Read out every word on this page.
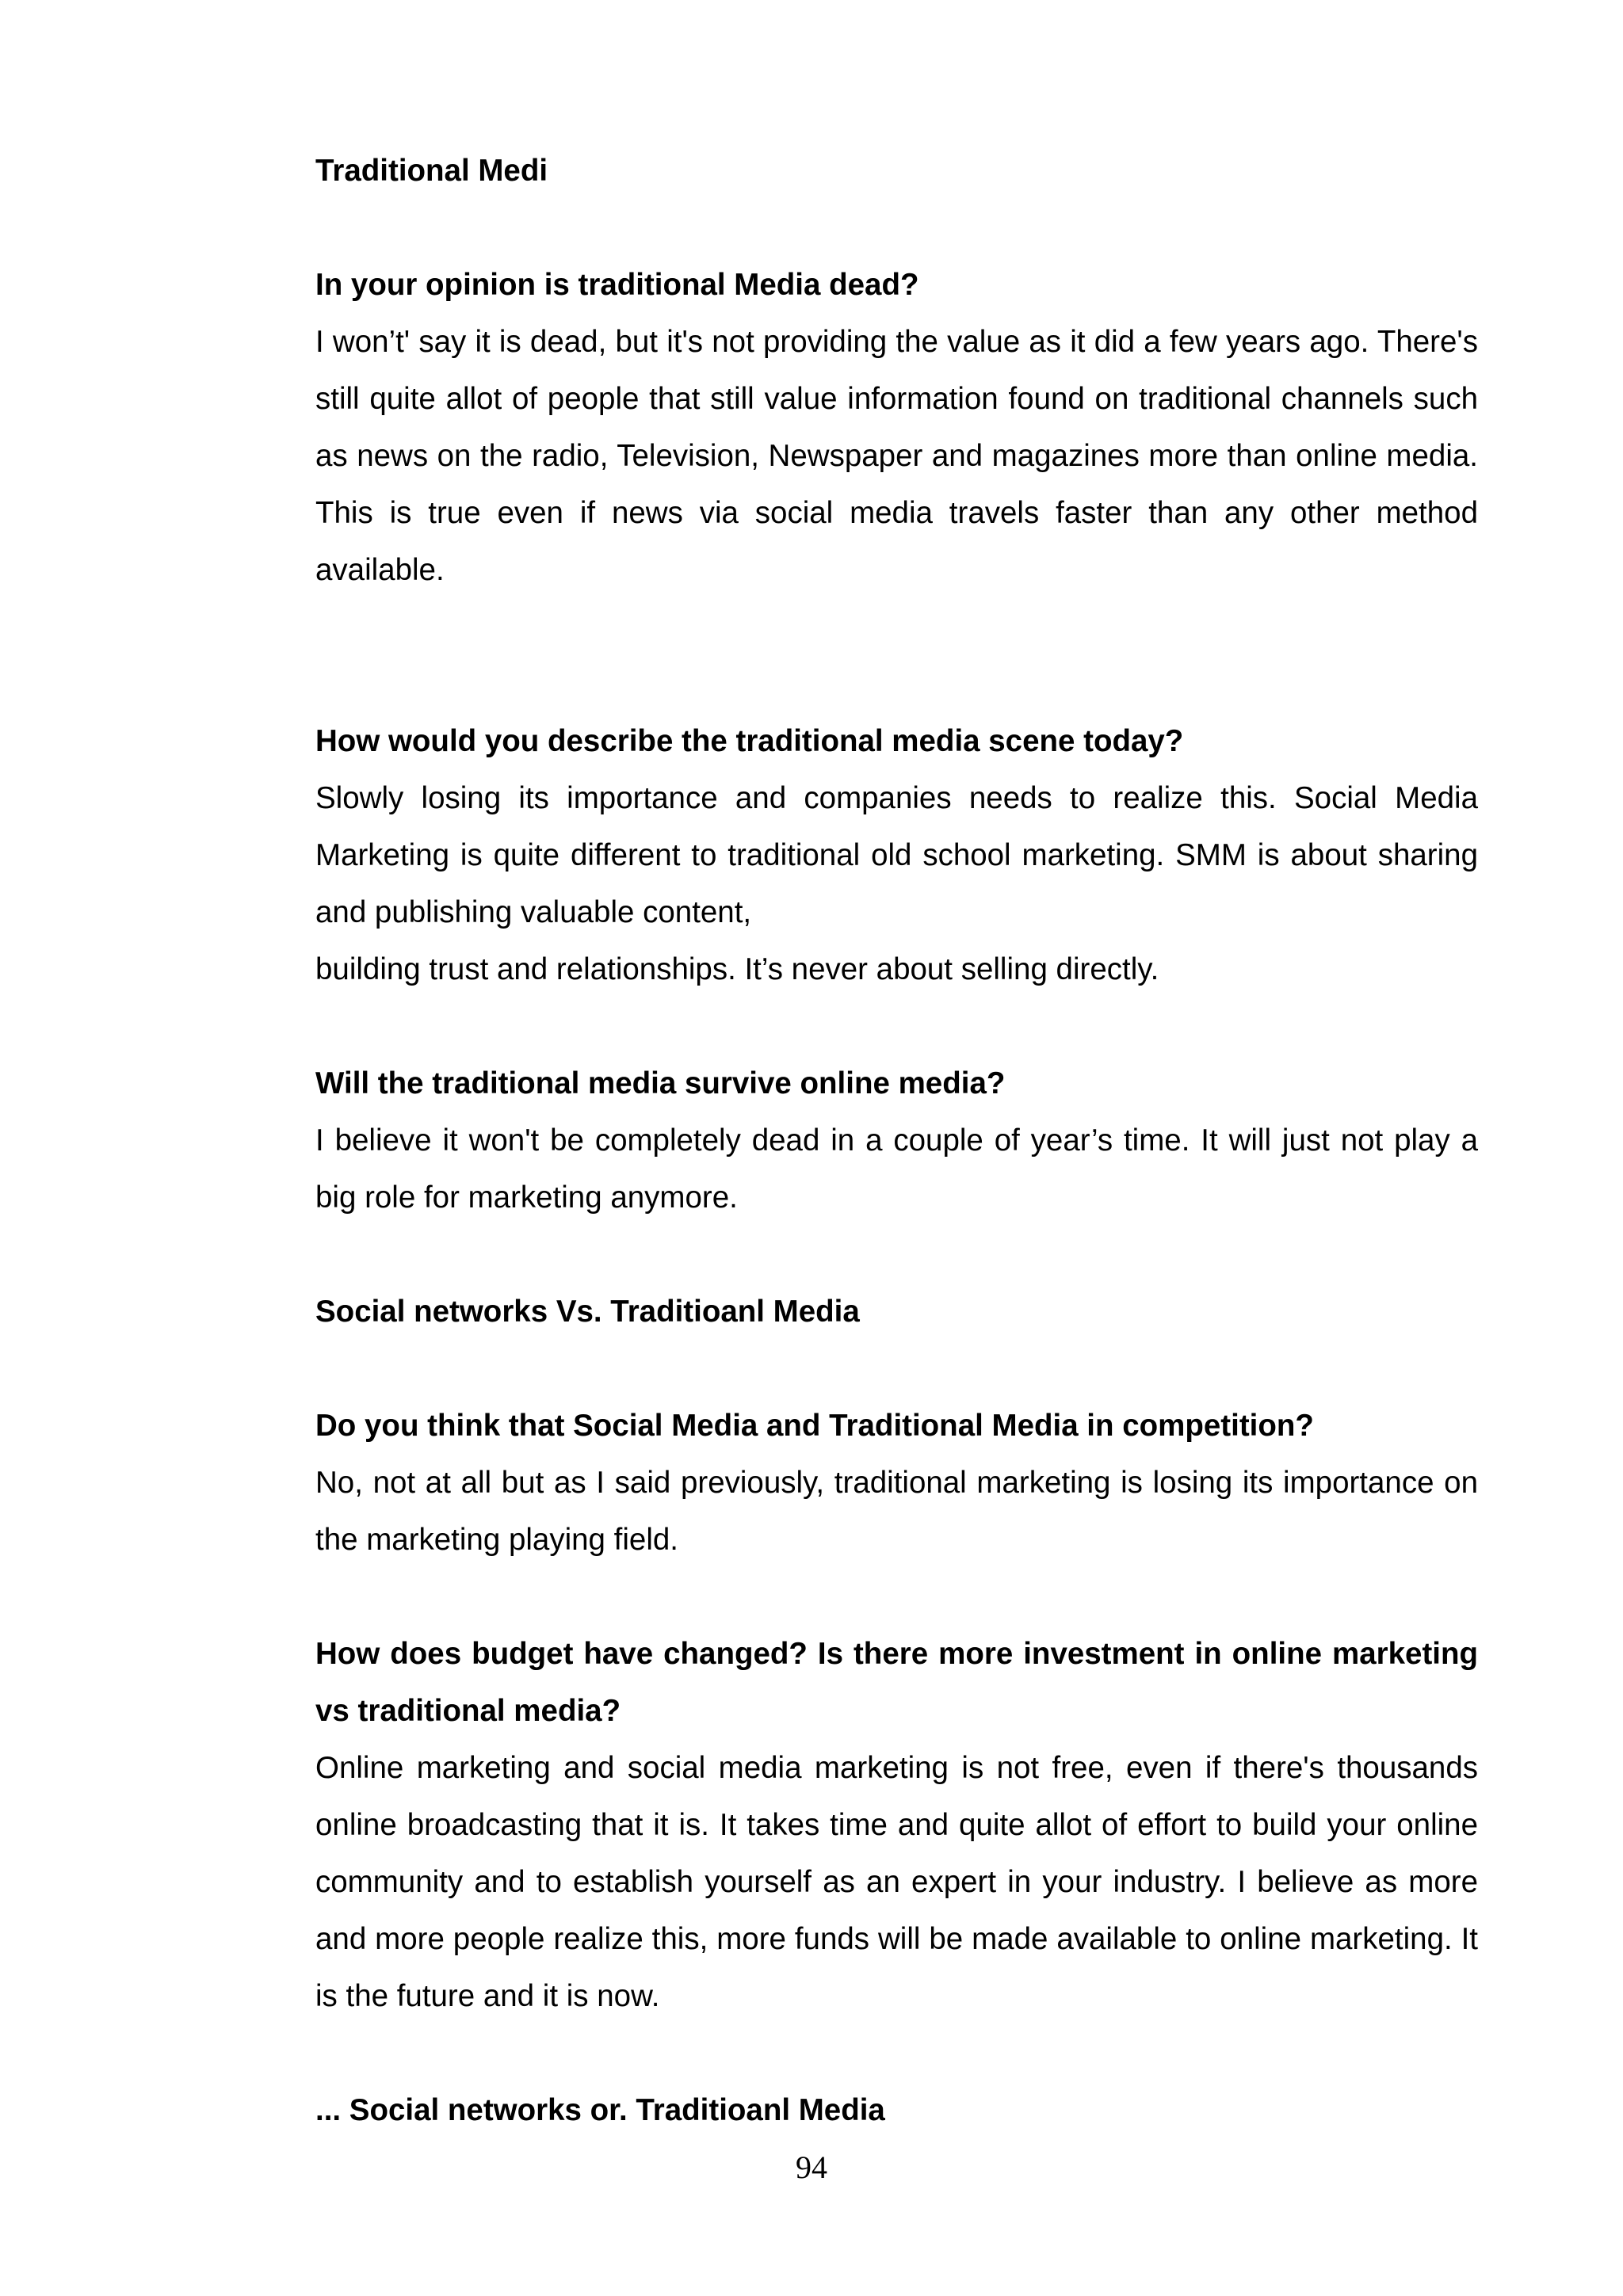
Traditional Medi

In your opinion is traditional Media dead?

I won’t' say it is dead, but it's not providing the value as it did a few years ago. There's still quite allot of people that still value information found on traditional channels such as news on the radio, Television, Newspaper and magazines more than online media. This is true even if news via social media travels faster than any other method available.

How would you describe the traditional media scene today?

Slowly losing its importance and companies needs to realize this. Social Media Marketing is quite different to traditional old school marketing. SMM is about sharing and publishing valuable content,

building trust and relationships. It’s never about selling directly.

Will the traditional media survive online media?

I believe it won't be completely dead in a couple of year’s time. It will just not play a big role for marketing anymore.

Social networks Vs. Traditioanl Media

Do you think that Social Media and Traditional Media in competition?

No, not at all but as I said previously, traditional marketing is losing its importance on the marketing playing field.

How does budget have changed? Is there more investment in online marketing vs traditional media?

Online marketing and social media marketing is not free, even if there's thousands online broadcasting that it is. It takes time and quite allot of effort to build your online community and to establish yourself as an expert in your industry. I believe as more and more people realize this, more funds will be made available to online marketing. It is the future and it is now.

... Social networks or. Traditioanl Media

94
